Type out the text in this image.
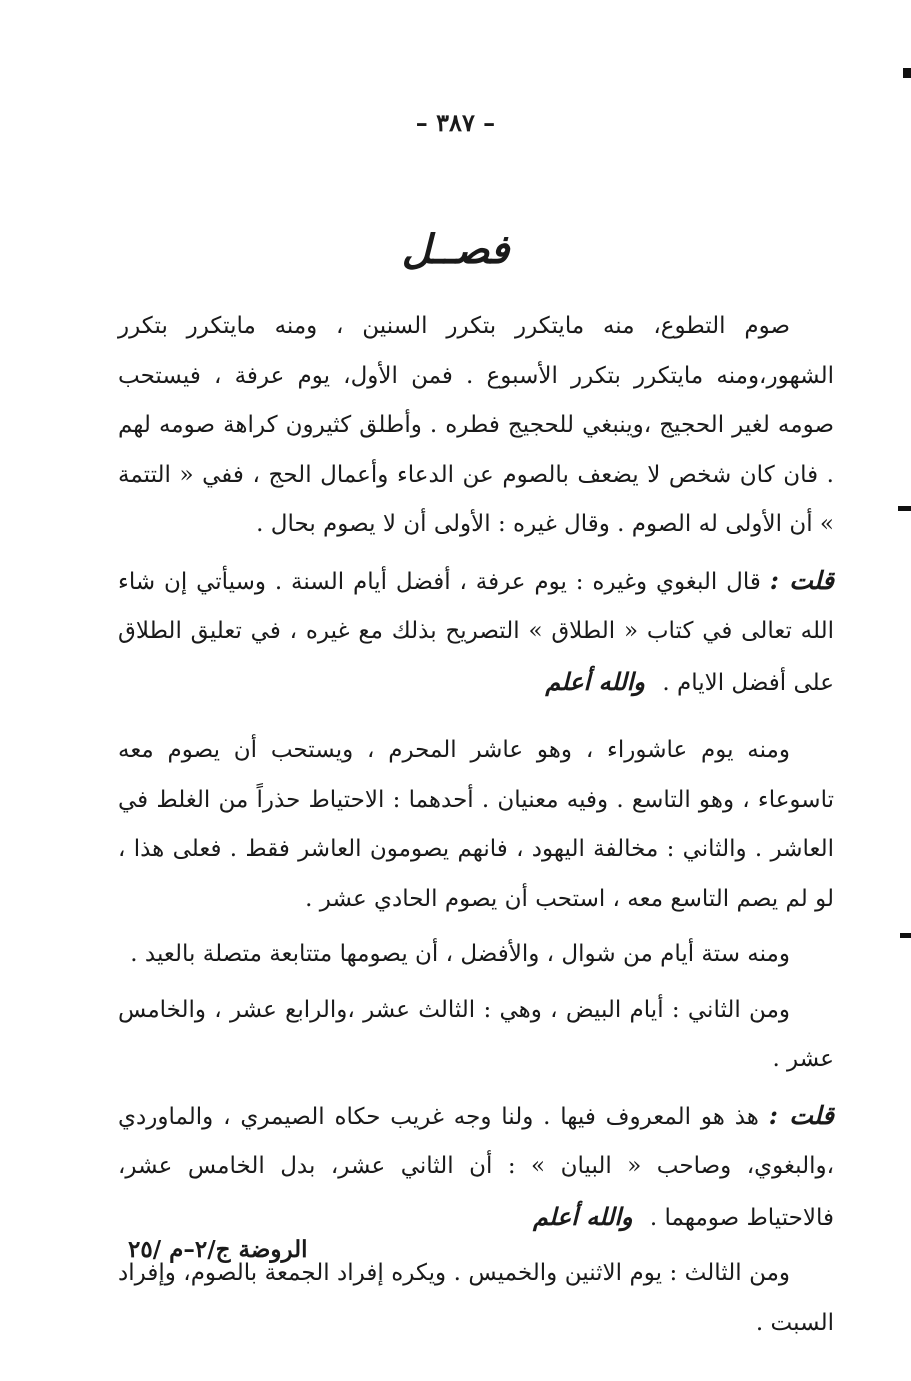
– ٣٨٧ –
فصــل

صوم التطوع، منه مايتكرر بتكرر السنين ، ومنه مايتكرر بتكرر الشهور،ومنه مايتكرر بتكرر الأسبوع . فمن الأول، يوم عرفة ، فيستحب صومه لغير الحجيج ،وينبغي للحجيج فطره . وأطلق كثيرون كراهة صومه لهم . فان كان شخص لا يضعف بالصوم عن الدعاء وأعمال الحج ، ففي « التتمة » أن الأولى له الصوم . وقال غيره : الأولى أن لا يصوم بحال .

قلت : قال البغوي وغيره : يوم عرفة ، أفضل أيام السنة . وسيأتي إن شاء الله تعالى في كتاب « الطلاق » التصريح بذلك مع غيره ، في تعليق الطلاق على أفضل الايام . والله أعلم

ومنه يوم عاشوراء ، وهو عاشر المحرم ، ويستحب أن يصوم معه تاسوعاء ، وهو التاسع . وفيه معنيان . أحدهما : الاحتياط حذراً من الغلط في العاشر . والثاني : مخالفة اليهود ، فانهم يصومون العاشر فقط . فعلى هذا ، لو لم يصم التاسع معه ، استحب أن يصوم الحادي عشر .

ومنه ستة أيام من شوال ، والأفضل ، أن يصومها متتابعة متصلة بالعيد .

ومن الثاني : أيام البيض ، وهي : الثالث عشر ،والرابع عشر ، والخامس عشر .

قلت : هذ هو المعروف فيها . ولنا وجه غريب حكاه الصيمري ، والماوردي ،والبغوي، وصاحب « البيان » : أن الثاني عشر، بدل الخامس عشر، فالاحتياط صومهما . والله أعلم

ومن الثالث : يوم الاثنين والخميس . ويكره إفراد الجمعة بالصوم، وإفراد السبت .

الروضة ج/٢–م /٢٥
